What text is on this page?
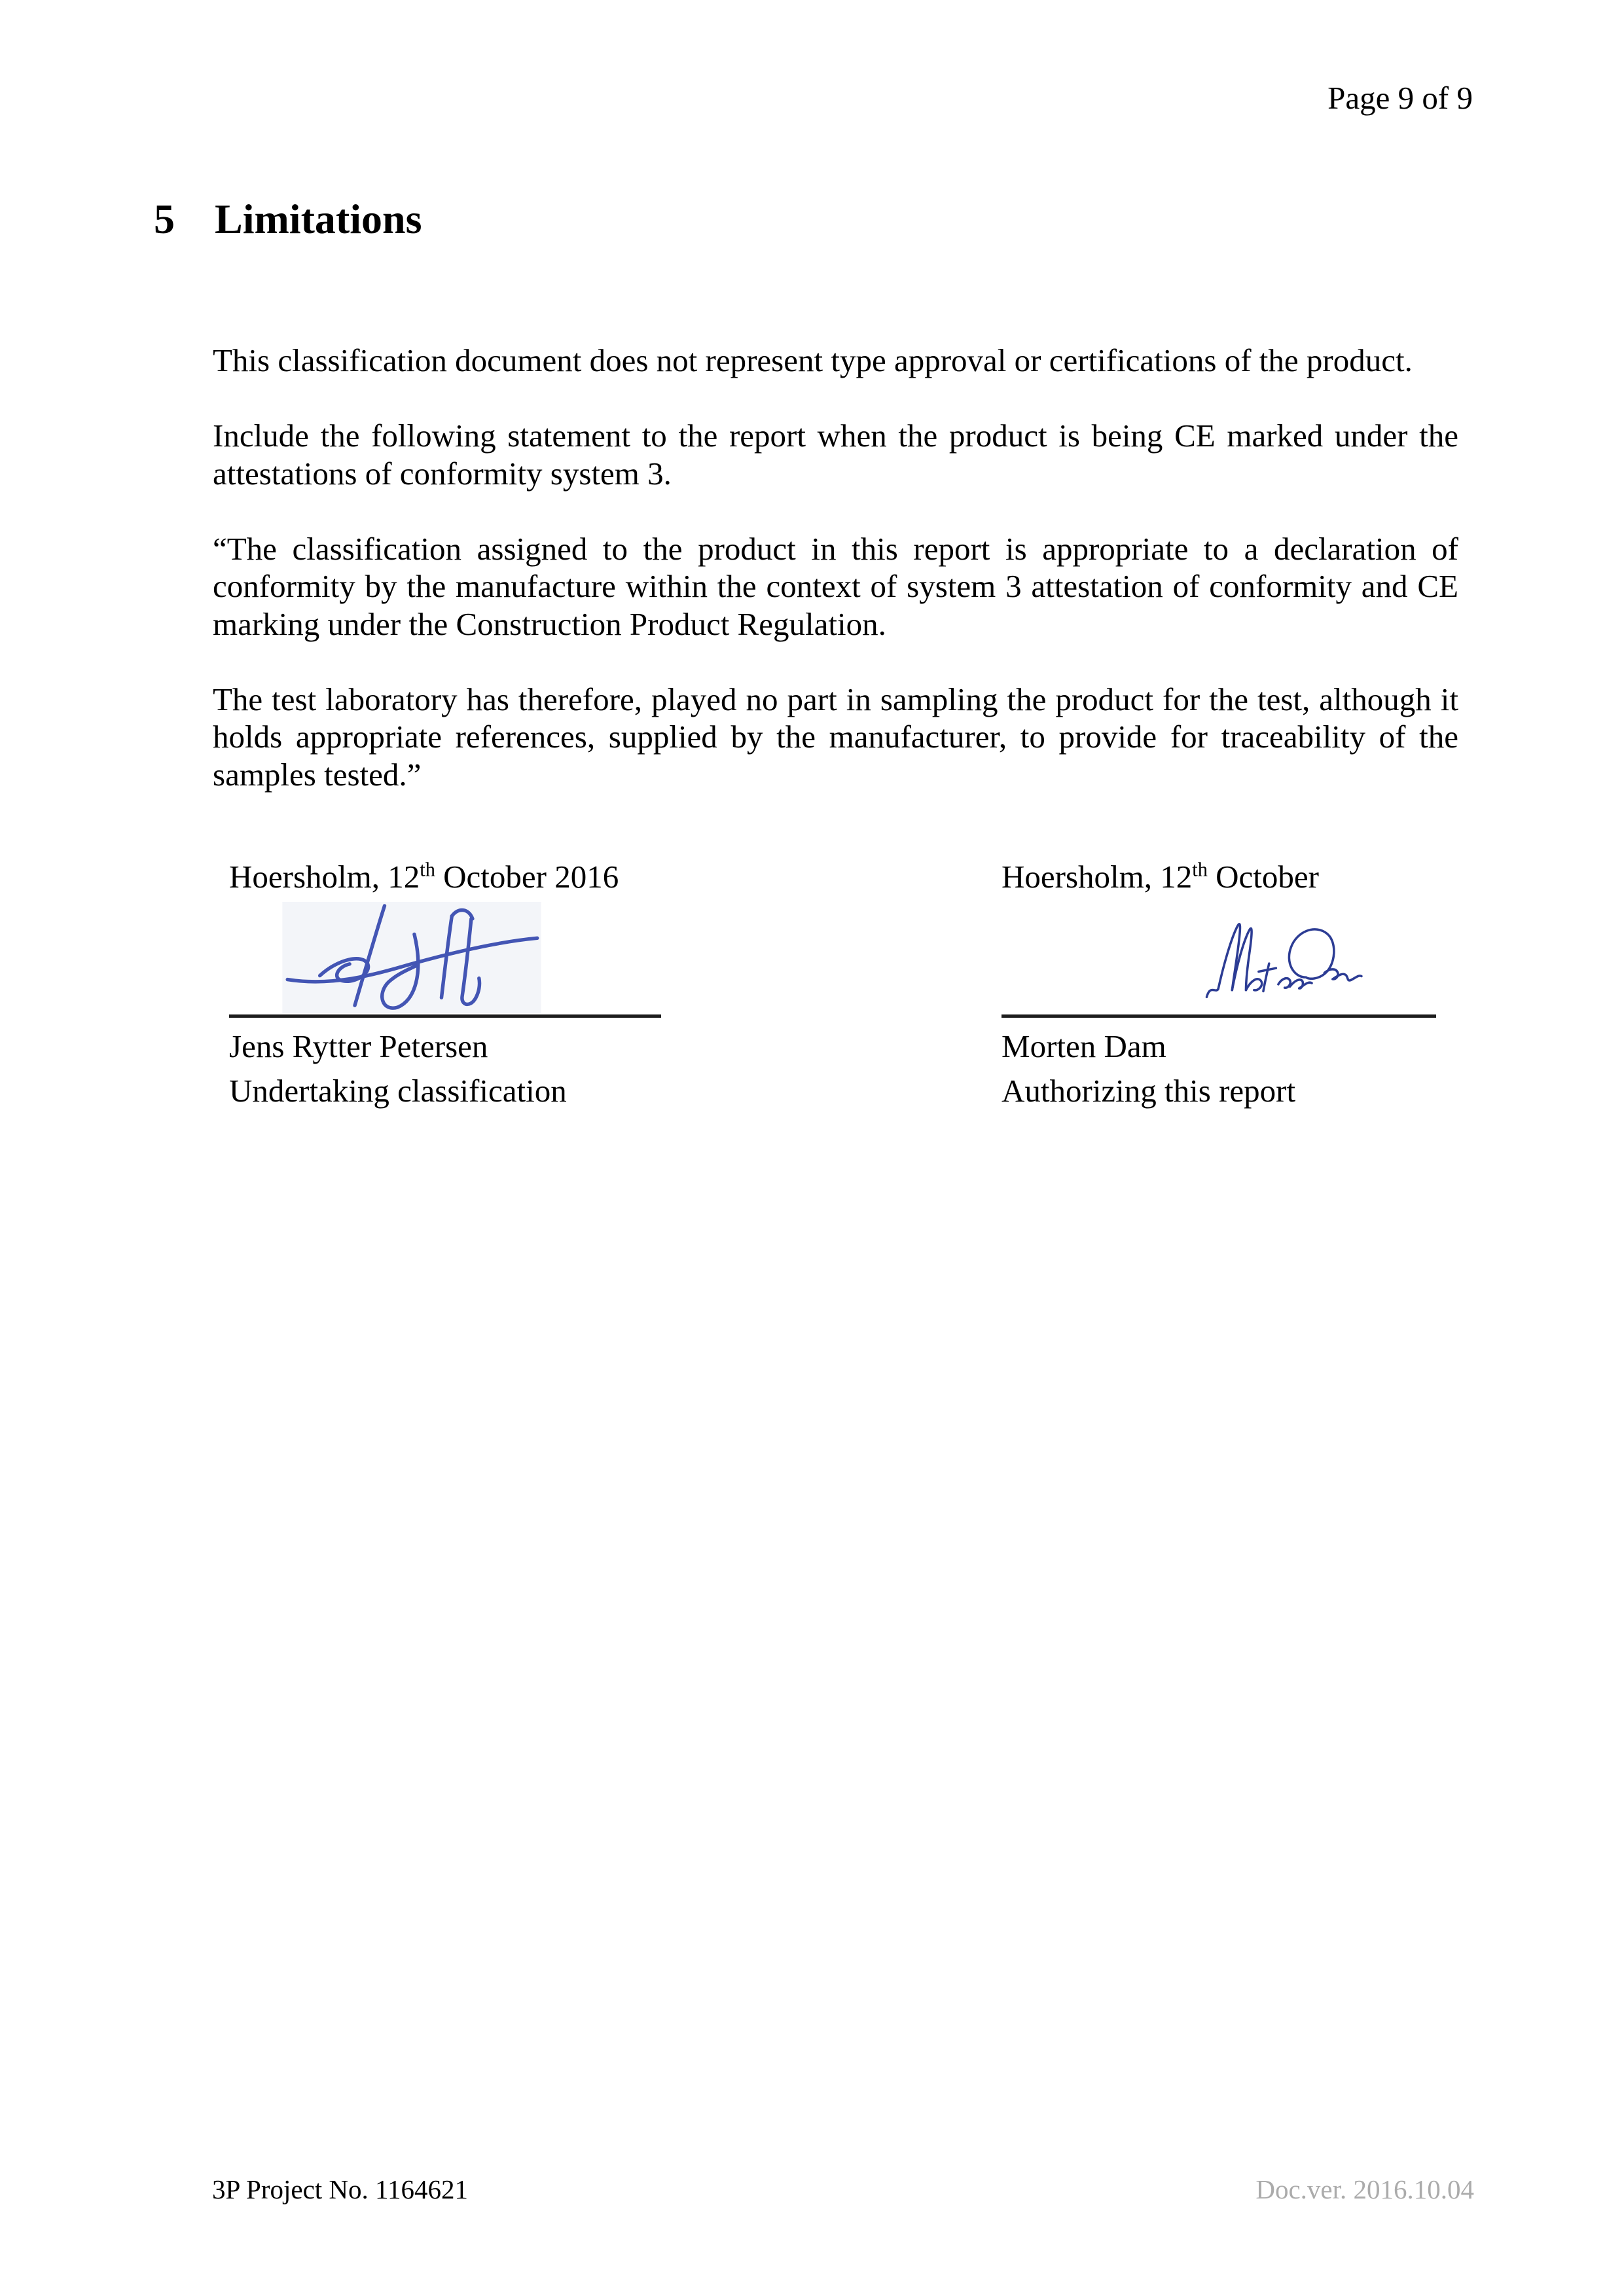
Page 9 of 9
5 Limitations

This classification document does not represent type approval or certifications of the product.

Include the following statement to the report when the product is being CE marked under the attestations of conformity system 3.

“The classification assigned to the product in this report is appropriate to a declaration of conformity by the manufacture within the context of system 3 attestation of conformity and CE marking under the Construction Product Regulation.

The test laboratory has therefore, played no part in sampling the product for the test, although it holds appropriate references, supplied by the manufacturer, to provide for traceability of the samples tested.”

Hoersholm, 12th October 2016
Jens Rytter Petersen
Undertaking classification
Hoersholm, 12th October
Morten Dam
Authorizing this report
3P Project No. 1164621	Doc.ver. 2016.10.04
